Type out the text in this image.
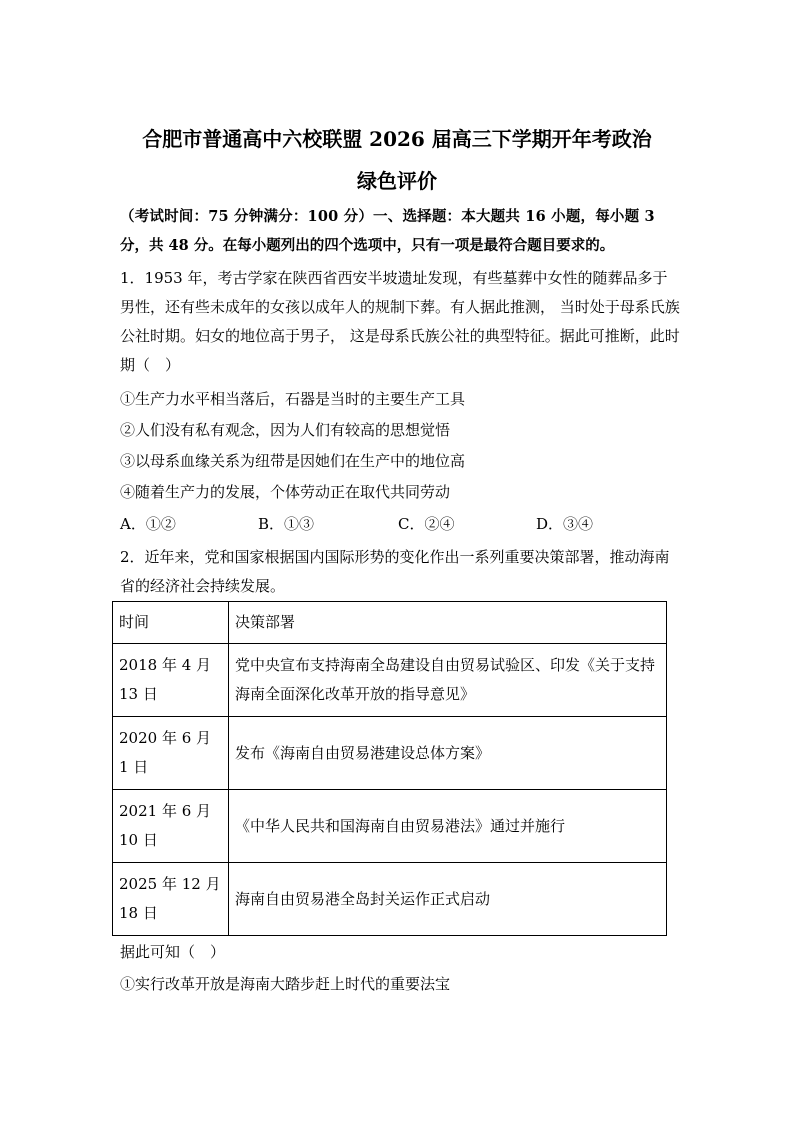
合肥市普通高中六校联盟 2026 届高三下学期开年考政治
绿色评价
（考试时间：75 分钟满分：100 分）一、选择题：本大题共 16 小题，每小题 3
分，共 48 分。在每小题列出的四个选项中，只有一项是最符合题目要求的。
1．1953 年，考古学家在陕西省西安半坡遗址发现，有些墓葬中女性的随葬品多于男性，还有些未成年的女孩以成年人的规制下葬。有人据此推测， 当时处于母系氏族公社时期。妇女的地位高于男子， 这是母系氏族公社的典型特征。据此可推断，此时期（　）
①生产力水平相当落后，石器是当时的主要生产工具
②人们没有私有观念，因为人们有较高的思想觉悟
③以母系血缘关系为纽带是因她们在生产中的地位高
④随着生产力的发展，个体劳动正在取代共同劳动
A．①②	B．①③	C．②④	D．③④
2．近年来，党和国家根据国内国际形势的变化作出一系列重要决策部署，推动海南省的经济社会持续发展。
时间	决策部署
2018 年 4 月 13 日	党中央宣布支持海南全岛建设自由贸易试验区、印发《关于支持海南全面深化改革开放的指导意见》
2020 年 6 月 1 日	发布《海南自由贸易港建设总体方案》
2021 年 6 月 10 日	《中华人民共和国海南自由贸易港法》通过并施行
2025 年 12 月 18 日	海南自由贸易港全岛封关运作正式启动
据此可知（　）
①实行改革开放是海南大踏步赶上时代的重要法宝
